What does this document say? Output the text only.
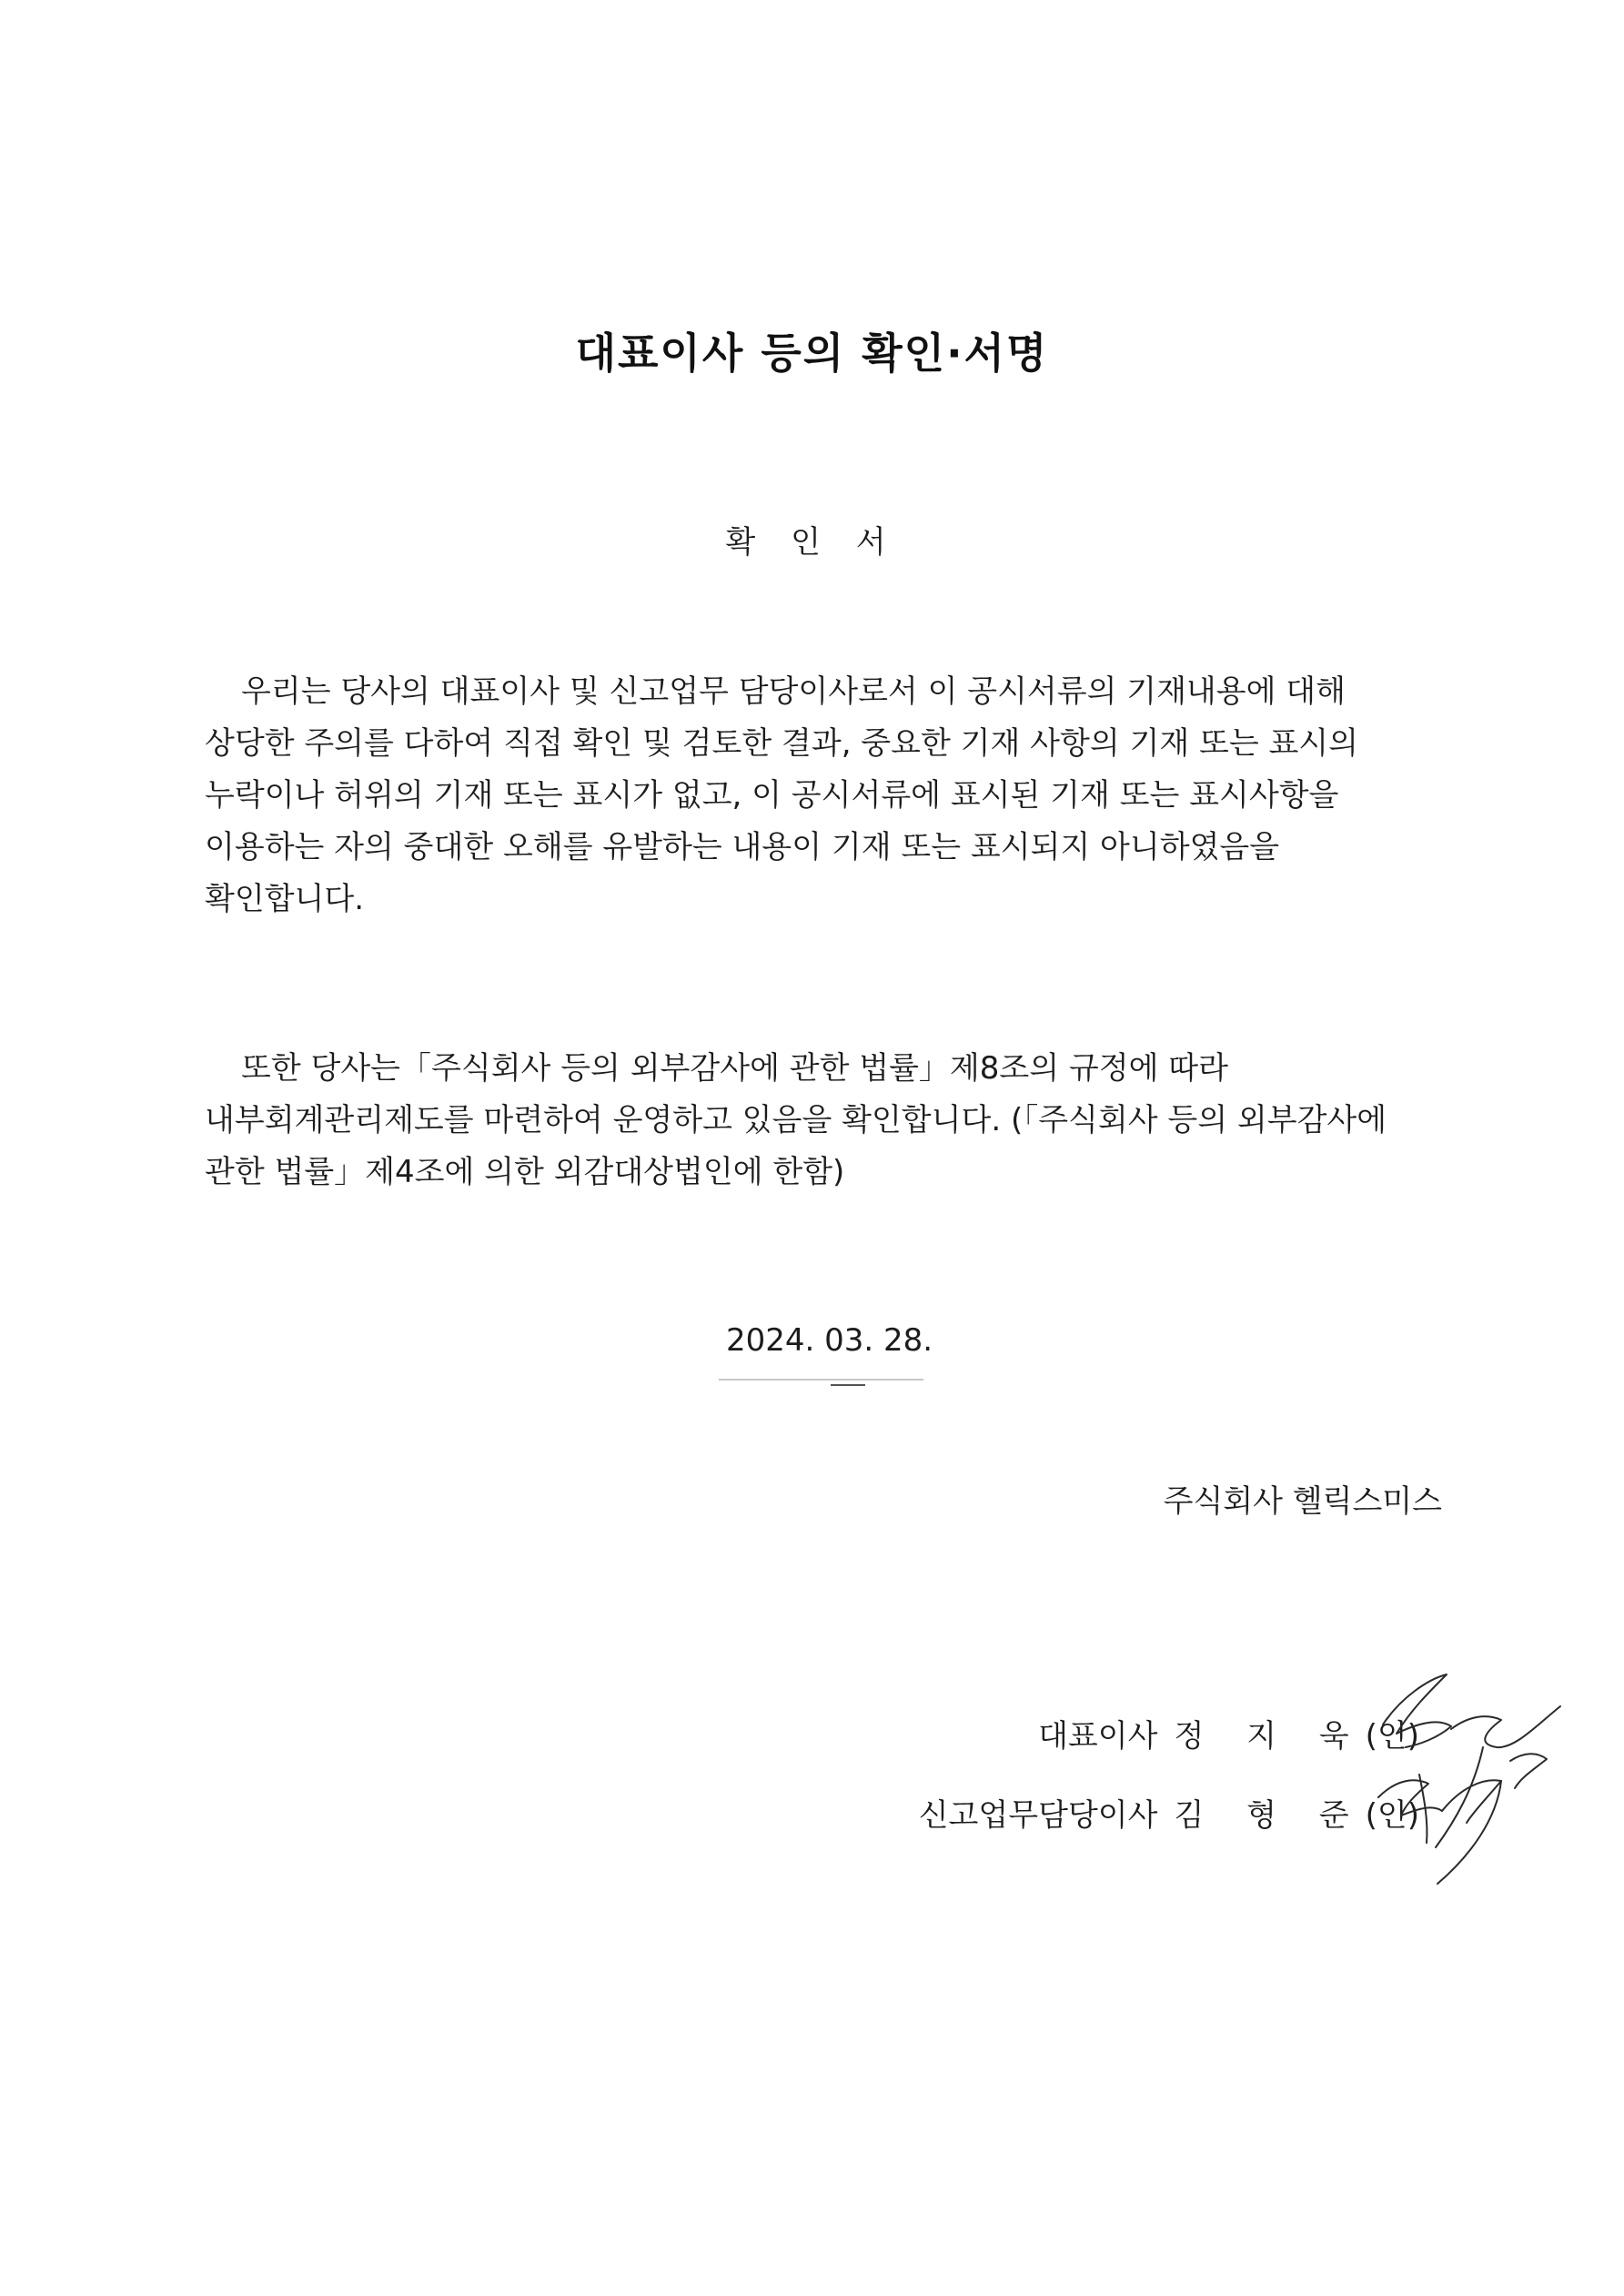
대표이사 등의 확인·서명
확 인 서
우리는 당사의 대표이사 및 신고업무 담당이사로서 이 공시서류의 기재내용에 대해
상당한 주의를 다하여 직접 확인 및 검토한 결과, 중요한 기재 사항의 기재 또는 표시의
누락이나 허위의 기재 또는 표시가 없고, 이 공시서류에 표시된 기재 또는 표시사항을
이용하는 자의 중대한 오해를 유발하는 내용이 기재 또는 표시되지 아니하였음을
확인합니다.
또한 당사는「주식회사 등의 외부감사에 관한 법률」제8조의 규정에 따라
내부회계관리제도를 마련하여 운영하고 있음을 확인합니다. (「주식회사 등의 외부감사에
관한 법률」제4조에 의한 외감대상법인에 한함)
2024. 03. 28.
주식회사 헬릭스미스
대표이사 정 지 욱(인)
신고업무담당이사 김 형 준(인)
